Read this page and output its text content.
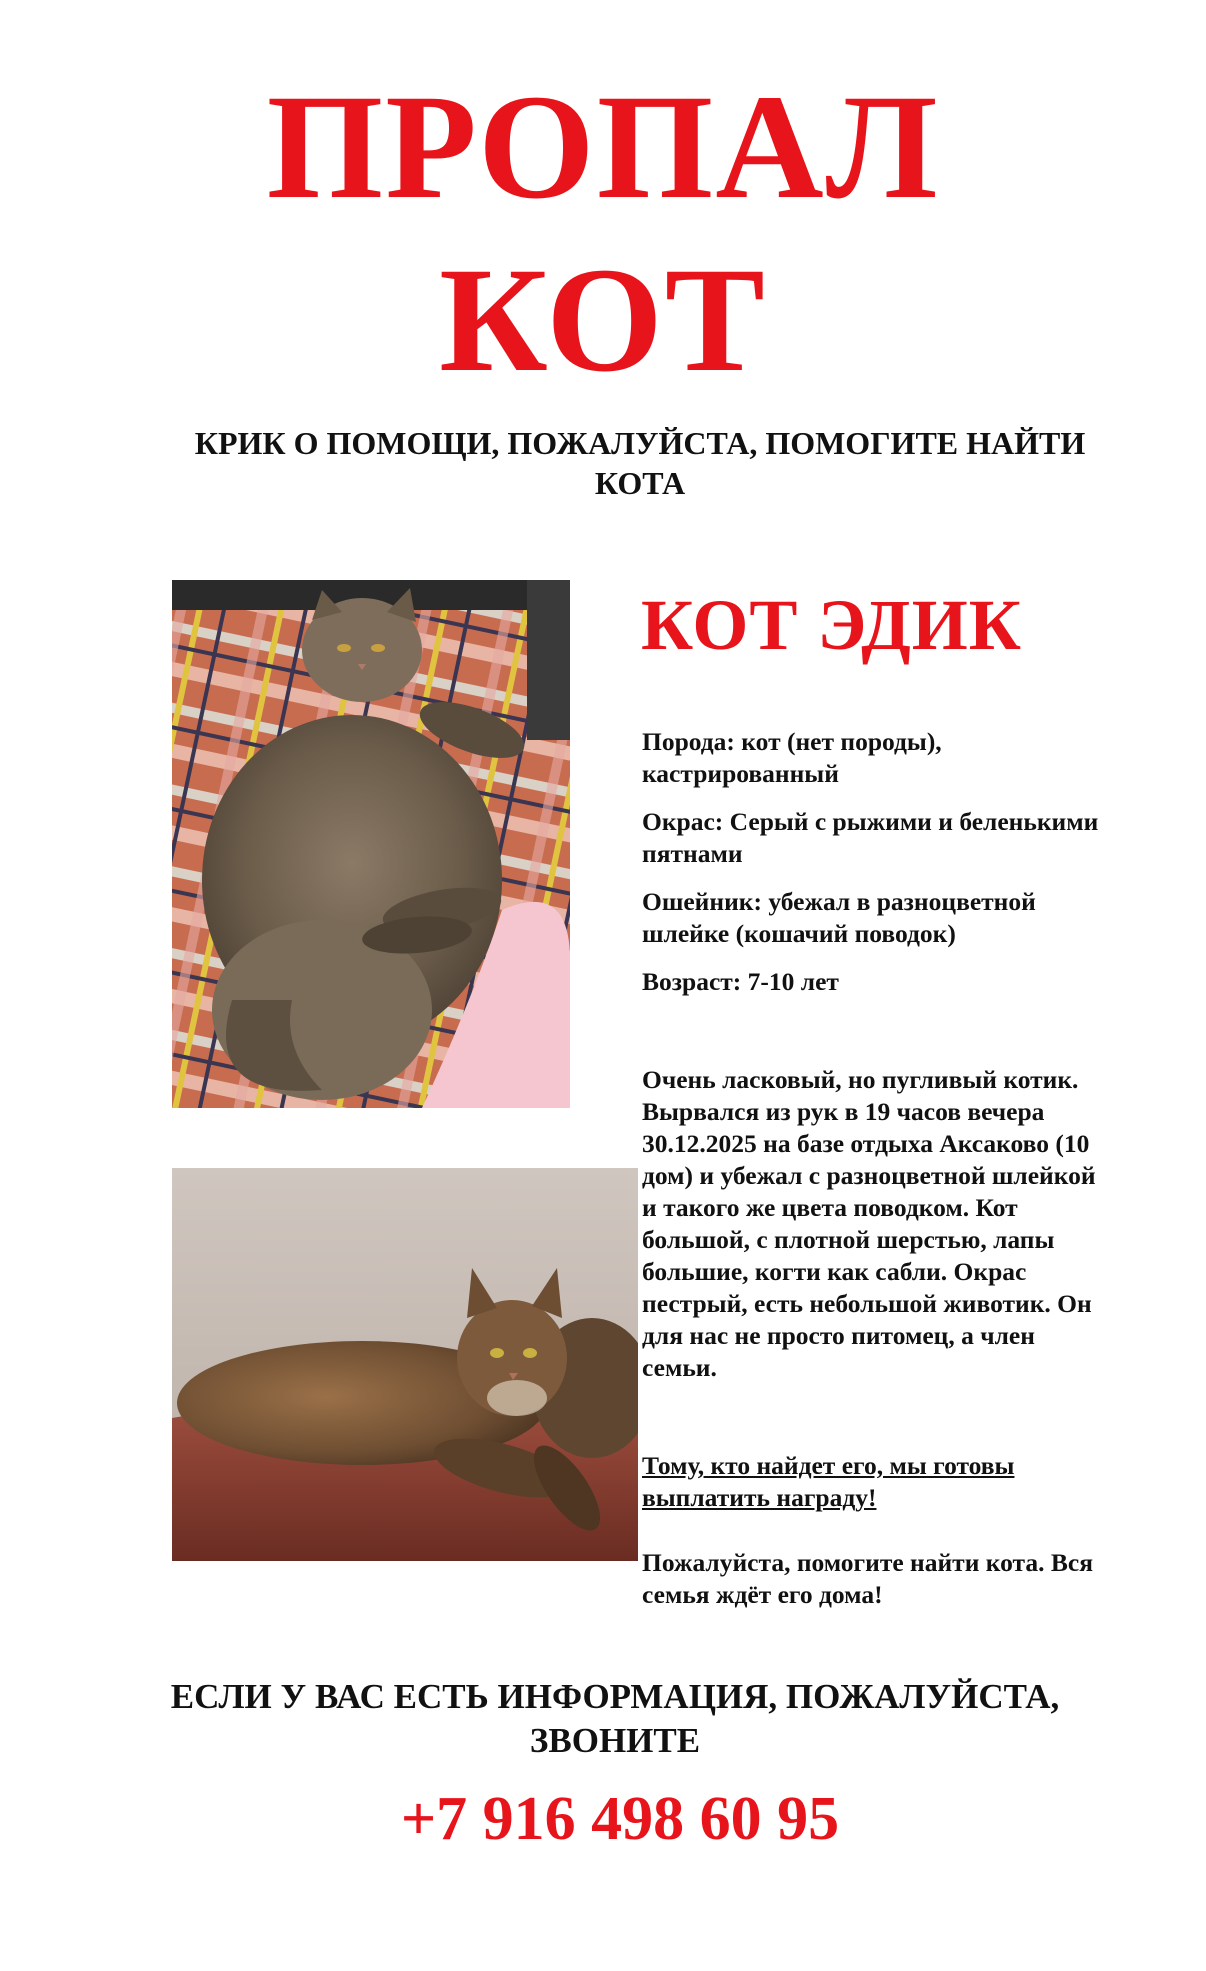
ПРОПАЛ
КОТ

КРИК О ПОМОЩИ, ПОЖАЛУЙСТА, ПОМОГИТЕ НАЙТИ КОТА

КОТ ЭДИК

Порода: кот (нет породы), кастрированный

Окрас: Серый с рыжими и беленькими пятнами

Ошейник: убежал в разноцветной шлейке (кошачий поводок)

Возраст: 7-10 лет

Очень ласковый, но пугливый котик. Вырвался из рук в 19 часов вечера 30.12.2025 на базе отдыха Аксаково (10 дом) и убежал с разноцветной шлейкой и такого же цвета поводком. Кот большой, с плотной шерстью, лапы большие, когти как сабли. Окрас пестрый, есть небольшой животик. Он для нас не просто питомец, а член семьи.

Тому, кто найдет его, мы готовы выплатить награду!

Пожалуйста, помогите найти кота. Вся семья ждёт его дома!

ЕСЛИ У ВАС ЕСТЬ ИНФОРМАЦИЯ, ПОЖАЛУЙСТА, ЗВОНИТЕ

+7 916 498 60 95
